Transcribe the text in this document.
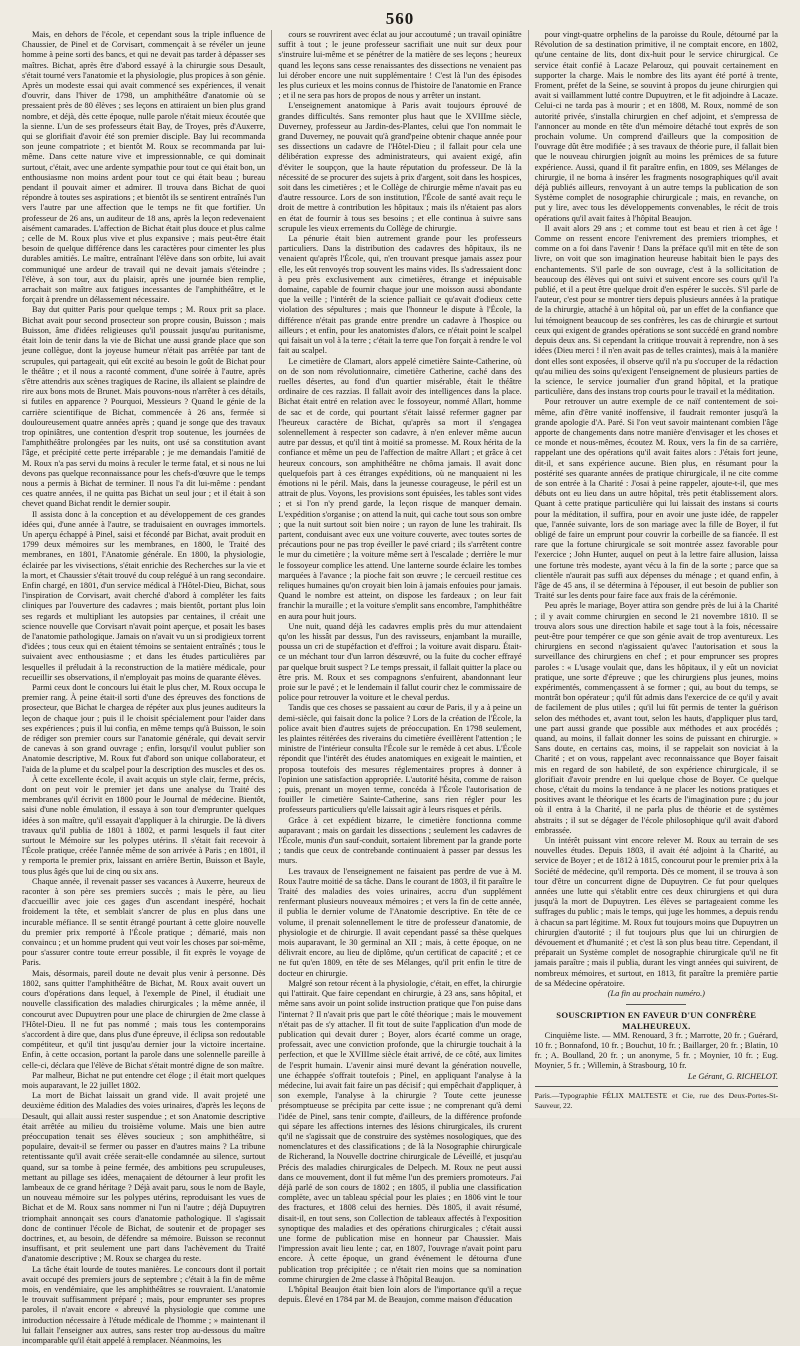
560

Mais, en dehors de l'école, et cependant sous la triple influence de Chaussier, de Pinel et de Corvisart, commençait à se révéler un jeune homme à peine sorti des bancs, et qui ne devait pas tarder à dépasser ses maîtres. Bichat, après être d'abord essayé à la chirurgie sous Desault, s'était tourné vers l'anatomie et la physiologie, plus propices à son génie. Après un modeste essai qui avait commencé ses expériences, il venait d'ouvrir, dans l'hiver de 1798, un amphithéâtre d'anatomie où se pressaient près de 80 élèves ; ses leçons en attiraient un bien plus grand nombre, et déjà, dès cette époque, nulle parole n'était mieux écoutée que la sienne. L'un de ses professeurs était Bay, de Troyes, près d'Auxerre, qui se glorifiait d'avoir été son premier disciple. Bay lui recommanda son jeune compatriote ; et bientôt M. Roux se recommanda par lui-même. Dans cette nature vive et impressionnable, ce qui dominait surtout, c'était, avec une ardente sympathie pour tout ce qui était bon, un enthousiasme non moins ardent pour tout ce qui était beau ; bureau pendant il pouvait aimer et admirer. Il trouva dans Bichat de quoi répondre à toutes ses aspirations ; et bientôt ils se sentirent entraînés l'un vers l'autre par une affection que le temps ne fit que fortifier. Un professeur de 26 ans, un auditeur de 18 ans, après la leçon redevenaient aisément camarades. L'affection de Bichat était plus douce et plus calme ; celle de M. Roux plus vive et plus expansive ; mais peut-être était besoin de quelque différence dans les caractères pour cimenter les plus durables amitiés. Le maître, entraînant l'élève dans son orbite, lui avait communiqué une ardeur de travail qui ne devait jamais s'éteindre ; l'élève, à son tour, aux du plaisir, après une journée bien remplie, arrachait son maître aux fatigues incessantes de l'amphithéâtre, et le forçait à prendre un délassement nécessaire.

Bay dut quitter Paris pour quelque temps ; M. Roux prit sa place. Bichat avait pour second prosecteur son propre cousin, Buisson ; mais Buisson, âme d'idées religieuses qu'il poussait jusqu'au puritanisme, était loin de tenir dans la vie de Bichat une aussi grande place que son jeune collègue, dont la joyeuse humeur n'était pas arrêtée par tant de scrupules, qui partageait, qui eût excité au besoin le goût de Bichat pour le théâtre ; et il nous a raconté comment, d'une soirée à l'autre, après s'être attendris aux scènes tragiques de Racine, ils allaient se plaindre de rire aux bons mots de Brunet. Mais pouvons-nous n'arrêter à ces détails, si futiles en apparence ? Pourquoi, Messieurs ? Quand le génie de la carrière scientifique de Bichat, commencée à 26 ans, fermée si douloureusement quatre années après ; quand je songe que des travaux trop opiniâtres, une contention d'esprit trop soutenue, les journées de l'amphithéâtre prolongées par les nuits, ont usé sa constitution avant l'âge, et précipité cette perte irréparable ; je me demandais l'amitié de M. Roux n'a pas servi du moins à reculer le terme fatal, et si nous ne lui devons pas quelque reconnaissance pour les chefs-d'œuvre que le temps nous a permis à Bichat de terminer. Il nous l'a dit lui-même : pendant ces quatre années, il ne quitta pas Bichat un seul jour ; et il était à son chevet quand Bichat rendit le dernier soupir.

Il assista donc à la conception et au développement de ces grandes idées qui, d'une année à l'autre, se traduisaient en ouvrages immortels. Un aperçu échappé à Pinel, saisi et fécondé par Bichat, avait produit en 1799 deux mémoires sur les membranes, en 1800, le Traité des membranes, en 1801, l'Anatomie générale. En 1800, la physiologie, éclairée par les vivisections, s'était enrichie des Recherches sur la vie et la mort, et Chaussier s'était trouvé du coup relégué à un rang secondaire. Enfin chargé, en 1801, d'un service médical à l'Hôtel-Dieu, Bichat, sous l'inspiration de Corvisart, avait cherché d'abord à compléter les faits cliniques par l'ouverture des cadavres ; mais bientôt, portant plus loin ses regards et multipliant les autopsies par centaines, il créait une science nouvelle que Corvisart n'avait point aperçue, et posait les bases de l'anatomie pathologique. Jamais on n'avait vu un si prodigieux torrent d'idées ; tous ceux qui en étaient témoins se sentaient entraînés ; tous le suivaient avec enthousiasme ; et dans les études particulières par lesquelles il préludait à la reconstruction de la matière médicale, pour recueillir ses observations, il n'employait pas moins de quarante élèves.

Parmi ceux dont le concours lui était le plus cher, M. Roux occupa le premier rang. À peine était-il sorti d'une des épreuves des fonctions de prosecteur, que Bichat le chargea de répéter aux plus jeunes auditeurs la leçon de chaque jour ; puis il le choisit spécialement pour l'aider dans ses expériences ; puis il lui confia, en même temps qu'à Buisson, le soin de rédiger son premier cours sur l'anatomie générale, qui devait servir de canevas à son grand ouvrage ; enfin, lorsqu'il voulut publier son Anatomie descriptive, M. Roux fut d'abord son unique collaborateur, et l'aida de la plume et du scalpel pour la description des muscles et des os.

À cette excellente école, il avait acquis un style clair, ferme, précis, dont on peut voir le premier jet dans une analyse du Traité des membranes qu'il écrivit en 1800 pour le Journal de médecine. Bientôt, saisi d'une noble émulation, il essaya à son tour d'emprunter quelques idées à son maître, qu'il essayait d'appliquer à la chirurgie. De là divers travaux qu'il publia de 1801 à 1802, et parmi lesquels il faut citer surtout le Mémoire sur les polypes utérins. Il s'était fait recevoir à l'École pratique, créée l'année même de son arrivée à Paris ; en 1801, il y remporta le premier prix, laissant en arrière Bertin, Buisson et Bayle, tous plus âgés que lui de cinq ou six ans.

Chaque année, il revenait passer ses vacances à Auxerre, heureux de raconter à son père ses premiers succès ; mais le père, au lieu d'accueillir avec joie ces gages d'un ascendant inespéré, hochait froidement la tête, et semblait s'ancrer de plus en plus dans une incurable méfiance. Il se sentit étrangé pourtant à cette gloire nouvelle du premier prix remporté à l'École pratique ; démarié, mais non convaincu ; et un homme prudent qui veut voir les choses par soi-même, pour s'assurer contre toute erreur possible, il fit exprès le voyage de Paris.

Mais, désormais, pareil doute ne devait plus venir à personne. Dès 1802, sans quitter l'amphithéâtre de Bichat, M. Roux avait ouvert un cours d'opérations dans lequel, à l'exemple de Pinel, il étudiait une nouvelle classification des maladies chirurgicales ; la même année, il concourut avec Dupuytren pour une place de chirurgien de 2me classe à l'Hôtel-Dieu. Il ne fut pas nommé ; mais tous les contemporains s'accordent à dire que, dans plus d'une épreuve, il éclipsa son redoutable compétiteur, et qu'il tint jusqu'au dernier jour la victoire incertaine. Enfin, à cette occasion, portant la parole dans une solennelle pareille à celle-ci, déclara que l'élève de Bichat s'était montré digne de son maître.

Par malheur, Bichat ne put entendre cet éloge ; il était mort quelques mois auparavant, le 22 juillet 1802.

La mort de Bichat laissait un grand vide. Il avait projeté une deuxième édition des Maladies des voies urinaires, d'après les leçons de Desault, qui allait aussi rester suspendue ; et son Anatomie descriptive était arrêtée au milieu du troisième volume. Mais une bien autre préoccupation tenait ses élèves soucieux ; son amphithéâtre, si populaire, devait-il se fermer ou passer en d'autres mains ? La tribune retentissante qu'il avait créée serait-elle condamnée au silence, surtout quand, sur sa tombe à peine fermée, des ambitions peu scrupuleuses, mettant au pillage ses idées, menaçaient de détourner à leur profit les lambeaux de ce grand héritage ? Déjà avait paru, sous le nom de Bayle, un nouveau mémoire sur les polypes utérins, reproduisant les vues de Bichat et de M. Roux sans nommer ni l'un ni l'autre ; déjà Dupuytren triomphait annonçait ses cours d'anatomie pathologique. Il s'agissait donc de continuer l'école de Bichat, de soutenir et de propager ses doctrines, et, au besoin, de défendre sa mémoire. Buisson se reconnut insuffisant, et prit seulement une part dans l'achèvement du Traité d'anatomie descriptive ; M. Roux se chargea du reste.

La tâche était lourde de toutes manières. Le concours dont il portait avait occupé des premiers jours de septembre ; c'était à la fin de même mois, en vendémiaire, que les amphithéâtres se rouvraient. L'anatomie le trouvait suffisamment préparé ; mais, pour emprunter ses propres paroles, il n'avait encore « abreuvé la physiologie que comme une introduction nécessaire à l'étude médicale de l'homme ; » maintenant il lui fallait l'enseigner aux autres, sans rester trop au-dessous du maître incomparable qu'il était appelé à remplacer. Néanmoins, les

cours se rouvrirent avec éclat au jour accoutumé ; un travail opiniâtre suffit à tout ; le jeune professeur sacrifiait une nuit sur deux pour s'instruire lui-même et se pénétrer de la matière de ses leçons ; heureux quand les leçons sans cesse renaissantes des dissections ne venaient pas lui dérober encore une nuit supplémentaire ! C'est là l'un des épisodes les plus curieux et les moins connus de l'histoire de l'anatomie en France ; et il ne sera pas hors de propos de nous y arrêter un instant.

L'enseignement anatomique à Paris avait toujours éprouvé de grandes difficultés. Sans remonter plus haut que le XVIIIme siècle, Duverney, professeur au Jardin-des-Plantes, celui que l'on nommait le grand Duverney, ne pouvait qu'à grand'peine obtenir chaque année pour ses dissections un cadavre de l'Hôtel-Dieu ; il fallait pour cela une délibération expresse des administrateurs, qui avaient exigé, afin d'éviter le soupçon, que la haute réputation du professeur. De là la nécessité de se procurer des sujets à prix d'argent, soit dans les hospices, soit dans les cimetières ; et le Collège de chirurgie même n'avait pas eu d'autre ressource. Lors de son institution, l'École de santé avait reçu le droit de mettre à contribution les hôpitaux ; mais ils n'étaient pas alors en état de fournir à tous ses besoins ; et elle continua à suivre sans scrupule les vieux errements du Collège de chirurgie.

La pénurie était bien autrement grande pour les professeurs particuliers. Dans la distribution des cadavres des hôpitaux, ils ne venaient qu'après l'École, qui, n'en trouvant presque jamais assez pour elle, les eût renvoyés trop souvent les mains vides. Ils s'adressaient donc à peu près exclusivement aux cimetières, étrange et inépuisable domaine, capable de fournir chaque jour une moisson aussi abondante que la veille ; l'intérêt de la science palliait ce qu'avait d'odieux cette violation des sépultures ; mais que l'honneur le dispute à l'École, la différence n'était pas grande entre prendre un cadavre à l'hospice ou ailleurs ; et enfin, pour les anatomistes d'alors, ce n'était point le scalpel qui faisait un vol à la terre ; c'était la terre que l'on forçait à rendre le vol fait au scalpel.

Le cimetière de Clamart, alors appelé cimetière Sainte-Catherine, où on de son nom révolutionnaire, cimetière Catherine, caché dans des ruelles désertes, au fond d'un quartier misérable, était le théâtre ordinaire de ces razzias. Il fallait avoir des intelligences dans la place. Bichat était entré en relation avec le fossoyeur, nommé Allart, homme de sac et de corde, qui pourtant s'était laissé refermer gagner par l'heureux caractère de Bichat, qu'après sa mort il s'engagea solennellement à respecter son cadavre, à n'en enlever même aucun autre par dessus, et qu'il tint à moitié sa promesse. M. Roux hérita de la confiance et même un peu de l'affection de maître Allart ; et grâce à cet heureux concours, son amphithéâtre ne chôma jamais. Il avait donc quelquefois part à ces étranges expéditions, où ne manquaient ni les émotions ni le péril. Mais, dans la jeunesse courageuse, le péril est un attrait de plus. Voyons, les provisions sont épuisées, les tables sont vides ; et si l'on n'y prend garde, la leçon risque de manquer demain. L'expédition s'organise ; on attend la nuit, qui cache tout sous son ombre ; que la nuit surtout soit bien noire ; un rayon de lune les trahirait. Ils partent, conduisant avec eux une voiture couverte, avec toutes sortes de précautions pour ne pas trop éveiller le pavé criard ; ils s'arrêtent contre le mur du cimetière ; la voiture même sert à l'escalade ; derrière le mur le fossoyeur complice les attend. Une lanterne sourde éclaire les tombes marquées à l'avance ; la pioche fait son œuvre ; le cercueil restitue ces reliques humaines qu'on croyait bien loin à jamais enfouies pour jamais. Quand le nombre est atteint, on dispose les fardeaux ; on leur fait franchir la muraille ; et la voiture s'emplit sans encombre, l'amphithéâtre en aura pour huit jours.

Une nuit, quand déjà les cadavres emplis près du mur attendaient qu'on les hissât par dessus, l'un des ravisseurs, enjambant la muraille, poussa un cri de stupéfaction et d'effroi ; la voiture avait disparu. Était-ce un méchant tour d'un larron désœuvré, ou la fuite du cocher effrayé par quelque bruit suspect ? Le temps pressait, il fallait quitter la place ou être pris. M. Roux et ses compagnons s'enfuirent, abandonnant leur proie sur le pavé ; et le lendemain il fallut courir chez le commissaire de police pour retrouver la voiture et le cheval perdus.

Tandis que ces choses se passaient au cœur de Paris, il y a à peine un demi-siècle, qui faisait donc la police ? Lors de la création de l'École, la police avait bien d'autres sujets de préoccupation. En 1798 seulement, les plaintes réitérées des riverains du cimetière éveillèrent l'attention ; le ministre de l'intérieur consulta l'École sur le remède à cet abus. L'École répondit que l'intérêt des études anatomiques en exigeait le maintien, et proposa toutefois des mesures réglementaires propres à donner à l'opinion une satisfaction appropriée. L'autorité hésita, comme de raison ; puis, prenant un moyen terme, concéda à l'École l'autorisation de fouiller le cimetière Sainte-Catherine, sans rien régler pour les professeurs particuliers qu'elle laissait agir à leurs risques et périls.

Grâce à cet expédient bizarre, le cimetière fonctionna comme auparavant ; mais on gardait les dissections ; seulement les cadavres de l'École, munis d'un sauf-conduit, sortaient librement par la grande porte ; tandis que ceux de contrebande continuaient à passer par dessus les murs.

Les travaux de l'enseignement ne faisaient pas perdre de vue à M. Roux l'autre moitié de sa tâche. Dans le courant de 1803, il fit paraître le Traité des maladies des voies urinaires, accru d'un supplément renfermant plusieurs nouveaux mémoires ; et vers la fin de cette année, il publia le dernier volume de l'Anatomie descriptive. En tête de ce volume, il prenait solennellement le titre de professeur d'anatomie, de physiologie et de chirurgie. Il avait cependant passé sa thèse quelques mois auparavant, le 30 germinal an XII ; mais, à cette époque, on ne délivrait encore, au lieu de diplôme, qu'un certificat de capacité ; et ce ne fut qu'en 1809, en tête de ses Mélanges, qu'il prit enfin le titre de docteur en chirurgie.

Malgré son retour récent à la physiologie, c'était, en effet, la chirurgie qui l'attirait. Que faire cependant en chirurgie, à 23 ans, sans hôpital, et même sans avoir un point solide instruction pratique que l'on puise dans l'internat ? Il n'avait pris que part le côté théorique ; mais le mouvement n'était pas de s'y attacher. Il fit tout de suite l'application d'un mode de publication qui devait durer ; Boyer, alors écarté comme un orage, professait, avec une conviction profonde, que la chirurgie touchait à la perfection, et que le XVIIIme siècle était arrivé, de ce côté, aux limites de l'esprit humain. L'avenir ainsi muré devant la génération nouvelle, une échappée s'offrait toutefois ; Pinel, en appliquant l'analyse à la médecine, lui avait fait faire un pas décisif ; qui empêchait d'appliquer, à son exemple, l'analyse à la chirurgie ? Toute cette jeunesse présomptueuse se précipita par cette issue ; ne comprenant qu'à demi l'idée de Pinel, sans tenir compte, d'ailleurs, de la différence profonde qui sépare les affections internes des lésions chirurgicales, ils crurent qu'il ne s'agissait que de construire des systèmes nosologiques, que des nomenclatures et des classifications ; de là la Nosographie chirurgicale de Richerand, la Nouvelle doctrine chirurgicale de Léveillé, et jusqu'au Précis des maladies chirurgicales de Delpech. M. Roux ne peut aussi dans ce mouvement, dont il fut même l'un des premiers promoteurs. J'ai déjà parlé de son cours de 1802 ; en 1805, il publia une classification complète, avec un tableau spécial pour les plaies ; en 1806 vint le tour des fractures, et 1808 celui des hernies. Dès 1805, il avait résumé, disait-il, en tout sens, son Collection de tableaux affectés à l'exposition synoptique des maladies et des opérations chirurgicales ; c'était aussi une forme de publication mise en honneur par Chaussier. Mais l'impression avait lieu lente ; car, en 1807, l'ouvrage n'avait point paru encore. À cette époque, un grand événement le détourna d'une publication trop précipitée ; ce n'était rien moins que sa nomination comme chirurgien de 2me classe à l'hôpital Beaujon.

L'hôpital Beaujon était bien loin alors de l'importance qu'il a reçue depuis. Élevé en 1784 par M. de Beaujon, comme maison d'éducation

pour vingt-quatre orphelins de la paroisse du Roule, détourné par la Révolution de sa destination primitive, il ne comptait encore, en 1802, qu'une centaine de lits, dont dix-huit pour le service chirurgical. Ce service était confié à Lacaze Pelarouz, qui pouvait certainement en supporter la charge. Mais le nombre des lits ayant été porté à trente, Froment, préfet de la Seine, se souvint à propos du jeune chirurgien qui avait si vaillamment lutté contre Dupuytren, et le fit adjoindre à Lacaze. Celui-ci ne tarda pas à mourir ; et en 1808, M. Roux, nommé de son autorité privée, s'installa chirurgien en chef adjoint, et s'empressa de l'annoncer au monde en tête d'un mémoire détaché tout exprès de son prochain volume. Un comprend d'ailleurs que la composition de l'ouvrage dût être modifiée ; à ses travaux de théorie pure, il fallait bien que le nouveau chirurgien joignît au moins les prémices de sa future expérience. Aussi, quand il fit paraître enfin, en 1809, ses Mélanges de chirurgie, il ne borna à insérer les fragments nosographiques qu'il avait déjà publiés ailleurs, renvoyant à un autre temps la publication de son Système complet de nosographie chirurgicale ; mais, en revanche, on put y lire, avec tous les développements convenables, le récit de trois opérations qu'il avait faites à l'hôpital Beaujon.

Il avait alors 29 ans ; et comme tout est beau et rien à cet âge ! Comme on ressent encore l'enivrement des premiers triomphes, et comme on a foi dans l'avenir ! Dans la préface qu'il mit en tête de son livre, on voit que son imagination heureuse habitait bien le pays des enchantements. S'il parle de son ouvrage, c'est à la sollicitation de beaucoup des élèves qui ont suivi et suivent encore ses cours qu'il l'a publié, et il a peut être quelque droit d'en espérer le succès. S'il parle de l'auteur, c'est pour se montrer tiers depuis plusieurs années à la pratique de la chirurgie, attaché à un hôpital où, par un effet de la confiance que lui témoignent beaucoup de ses confrères, les cas de chirurgie et surtout ceux qui exigent de grandes opérations se sont succédé en grand nombre depuis deux ans. Si cependant la critique trouvait à reprendre, non à ses idées (Dieu merci ! il n'en avait pas de telles craintes), mais à la manière dont elles sont exposées, il observe qu'il n'a pu s'occuper de la rédaction qu'au milieu des soins qu'exigent l'enseignement de plusieurs parties de la science, le service journalier d'un grand hôpital, et la pratique particulière, dans des instans trop courts pour le travail et la méditation.

Pour retrouver un autre exemple de ce naïf contentement de soi-même, afin d'être vanité inoffensive, il faudrait remonter jusqu'à la grande apologie d'A. Paré. Si l'on veut savoir maintenant combien l'âge apporte de changements dans notre manière d'envisager et les choses et ce monde et nous-mêmes, écoutez M. Roux, vers la fin de sa carrière, rappelant une des opérations qu'il avait faites alors : J'étais fort jeune, dit-il, et sans expérience aucune. Bien plus, en résumant pour la postérité ses quarante années de pratique chirurgicale, il ne cite comme de son entrée à la Charité : J'osai à peine rappeler, ajoute-t-il, que mes débuts ont eu lieu dans un autre hôpital, très petit établissement alors. Quant à cette pratique particulière qui lui laissait des instans si courts pour la méditation, il suffira, pour en avoir une juste idée, de rappeler que, l'année suivante, lors de son mariage avec la fille de Boyer, il fut obligé de faire un emprunt pour couvrir la corbeille de sa fiancée. Il est rare que la fortune chirurgicale se soit montrée assez favorable pour l'exercice ; John Hunter, auquel on peut à la lettre faire allusion, laissa une fortune très modeste, ayant vécu à la fin de la sorte ; parce que sa clientèle n'aurait pas suffi aux dépenses du ménage ; et quand enfin, à l'âge de 45 ans, il se détermina à l'épouser, il eut besoin de publier son Traité sur les dents pour faire face aux frais de la cérémonie.

Peu après le mariage, Boyer attira son gendre près de lui à la Charité ; il y avait comme chirurgien en second le 21 novembre 1810. Il se trouva alors sous une direction habile et sage tout à la fois, nécessaire peut-être pour tempérer ce que son génie avait de trop aventureux. Les chirurgiens en second n'agissaient qu'avec l'autorisation et sous la surveillance des chirurgiens en chef ; et pour empruncer ses propres paroles : « L'usage voulait que, dans les hôpitaux, il y eût un noviciat pratique, une sorte d'épreuve ; que les chirurgiens plus jeunes, moins expérimentés, commençassent à se former ; qui, au bout du temps, se montrât bon opérateur ; qu'il fût admis dans l'exercice de ce qu'il y avait de facilement de plus utiles ; qu'il lui fût permis de tenter la guérison selon des méthodes et, avant tout, selon les hauts, d'appliquer plus tard, une part aussi grande que possible aux méthodes et aux procédés ; quand, au moins, il fallait donner les soins de puissant en chirurgie. » Sans doute, en certains cas, moins, il se rappelait son noviciat à la Charité ; et on vous, rappelant avec reconnaissance que Boyer faisait mis en regard de son habileté, de son expérience chirurgicale, il se glorifiait d'avoir prendre en lui quelque chose de Boyer. Ce quelque chose, c'était du moins la tendance à ne placer les notions pratiques et positives avant le théorique et les écarts de l'imagination pure ; du jour où il entra à la Charité, il ne parla plus de théorie et de systèmes abstraits ; il sut se dégager de l'école philosophique qu'il avait d'abord embrassée.

Un intérêt puissant vint encore relever M. Roux au terrain de ses nouvelles études. Depuis 1803, il avait été adjoint à la Charité, au service de Boyer ; et de 1812 à 1815, concourut pour le premier prix à la Société de médecine, qu'il remporta. Dès ce moment, il se trouva à son tour d'être un concurrent digne de Dupuytren. Ce fut pour quelques années une lutte qui s'établit entre ces deux chirurgiens et qui dura jusqu'à la mort de Dupuytren. Les élèves se partageaient comme les suffrages du public ; mais le temps, qui juge les hommes, a depuis rendu à chacun sa part légitime. M. Roux fut toujours moins que Dupuytren un chirurgien d'autorité ; il fut toujours plus que lui un chirurgien de dévouement et d'humanité ; et c'est là son plus beau titre. Cependant, il préparait un Système complet de nosographie chirurgicale qu'il ne fit jamais paraître ; mais il publia, durant les vingt années qui suivirent, de nombreux mémoires, et surtout, en 1813, fit paraître la première partie de sa Médecine opératoire.

(La fin au prochain numéro.)

SOUSCRIPTION EN FAVEUR D'UN CONFRÈRE MALHEUREUX.

Cinquième liste. — MM. Renouard, 3 fr. ; Marrotte, 20 fr. ; Guérard, 10 fr. ; Bonnafond, 10 fr. ; Bouchut, 10 fr. ; Baillarger, 20 fr. ; Blatin, 10 fr. ; A. Boulland, 20 fr. ; un anonyme, 5 fr. ; Moynier, 10 fr. ; Eug. Moynier, 5 fr. ; Willemin, à Strasbourg, 10 fr.

Le Gérant, G. RICHELOT.

Paris.—Typographie FÉLIX MALTESTE et Cie, rue des Deux-Portes-St-Sauveur, 22.
